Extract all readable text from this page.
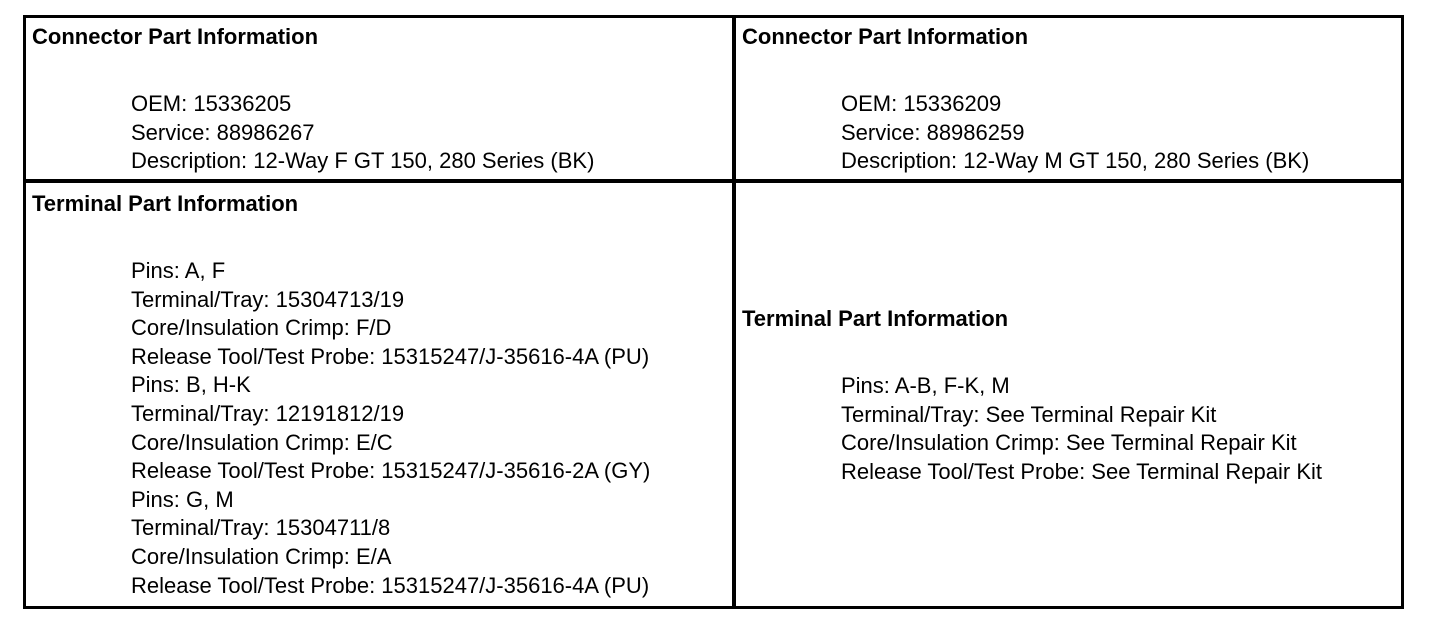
Connector Part Information
OEM: 15336205
Service: 88986267
Description: 12-Way F GT 150, 280 Series (BK)
Connector Part Information
OEM: 15336209
Service: 88986259
Description: 12-Way M GT 150, 280 Series (BK)
Terminal Part Information
Pins: A, F
Terminal/Tray: 15304713/19
Core/Insulation Crimp: F/D
Release Tool/Test Probe: 15315247/J-35616-4A (PU)
Pins: B, H-K
Terminal/Tray: 12191812/19
Core/Insulation Crimp: E/C
Release Tool/Test Probe: 15315247/J-35616-2A (GY)
Pins: G, M
Terminal/Tray: 15304711/8
Core/Insulation Crimp: E/A
Release Tool/Test Probe: 15315247/J-35616-4A (PU)
Terminal Part Information
Pins: A-B, F-K, M
Terminal/Tray: See Terminal Repair Kit
Core/Insulation Crimp: See Terminal Repair Kit
Release Tool/Test Probe: See Terminal Repair Kit
